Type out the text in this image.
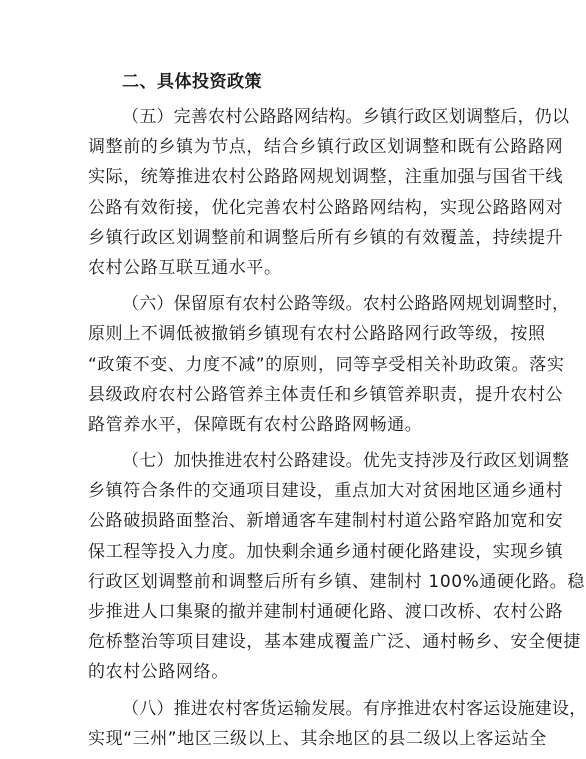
二、具体投资政策
（五）完善农村公路路网结构。乡镇行政区划调整后，仍以
调整前的乡镇为节点，结合乡镇行政区划调整和既有公路路网
实际，统筹推进农村公路路网规划调整，注重加强与国省干线
公路有效衔接，优化完善农村公路路网结构，实现公路路网对
乡镇行政区划调整前和调整后所有乡镇的有效覆盖，持续提升
农村公路互联互通水平。
（六）保留原有农村公路等级。农村公路路网规划调整时，
原则上不调低被撤销乡镇现有农村公路路网行政等级，按照
“政策不变、力度不减”的原则，同等享受相关补助政策。落实
县级政府农村公路管养主体责任和乡镇管养职责，提升农村公
路管养水平，保障既有农村公路路网畅通。
（七）加快推进农村公路建设。优先支持涉及行政区划调整
乡镇符合条件的交通项目建设，重点加大对贫困地区通乡通村
公路破损路面整治、新增通客车建制村村道公路窄路加宽和安
保工程等投入力度。加快剩余通乡通村硬化路建设，实现乡镇
行政区划调整前和调整后所有乡镇、建制村 100%通硬化路。稳
步推进人口集聚的撤并建制村通硬化路、渡口改桥、农村公路
危桥整治等项目建设，基本建成覆盖广泛、通村畅乡、安全便捷
的农村公路网络。
（八）推进农村客货运输发展。有序推进农村客运设施建设，
实现“三州”地区三级以上、其余地区的县二级以上客运站全
